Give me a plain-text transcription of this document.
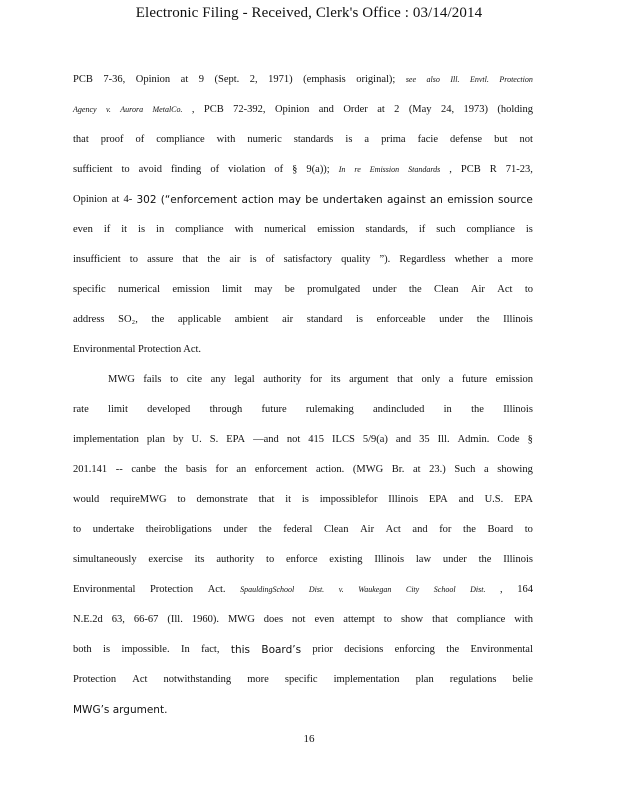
Electronic Filing - Received, Clerk's Office : 03/14/2014
PCB 7-36, Opinion at 9 (Sept. 2, 1971) (emphasis original); see also Ill. Envtl. Protection
Agency v. Aurora MetalCo. , PCB 72-392, Opinion and Order at 2 (May 24, 1973) (holding
that proof of compliance with numeric standards is a prima facie defense but not
sufficient to avoid finding of violation of § 9(a)); In re Emission Standards , PCB R 71-23,
Opinion at 4- 302 (“enforcement action may be undertaken against an emission source
even if it is in compliance with numerical emission standards, if such compliance is
insufficient to assure that the air is of satisfactory quality ”). Regardless whether a more
specific numerical emission limit may be promulgated under the Clean Air Act to
address SO₂, the applicable ambient air standard is enforceable under the Illinois
Environmental Protection Act.
MWG fails to cite any legal authority for its argument that only a future emission
rate limit developed through future rulemaking andincluded in the Illinois
implementation plan by U. S. EPA —and not 415 ILCS 5/9(a) and 35 Ill. Admin. Code §
201.141 -- canbe the basis for an enforcement action. (MWG Br. at 23.) Such a showing
would requireMWG to demonstrate that it is impossiblefor Illinois EPA and U.S. EPA
to undertake theirobligations under the federal Clean Air Act and for the Board to
simultaneously exercise its authority to enforce existing Illinois law under the Illinois
Environmental Protection Act. SpauldingSchool Dist. v. Waukegan City School Dist. , 164
N.E.2d 63, 66-67 (Ill. 1960). MWG does not even attempt to show that compliance with
both is impossible. In fact, this Board’s prior decisions enforcing the Environmental
Protection Act notwithstanding more specific implementation plan regulations belie
MWG’s argument.
16
